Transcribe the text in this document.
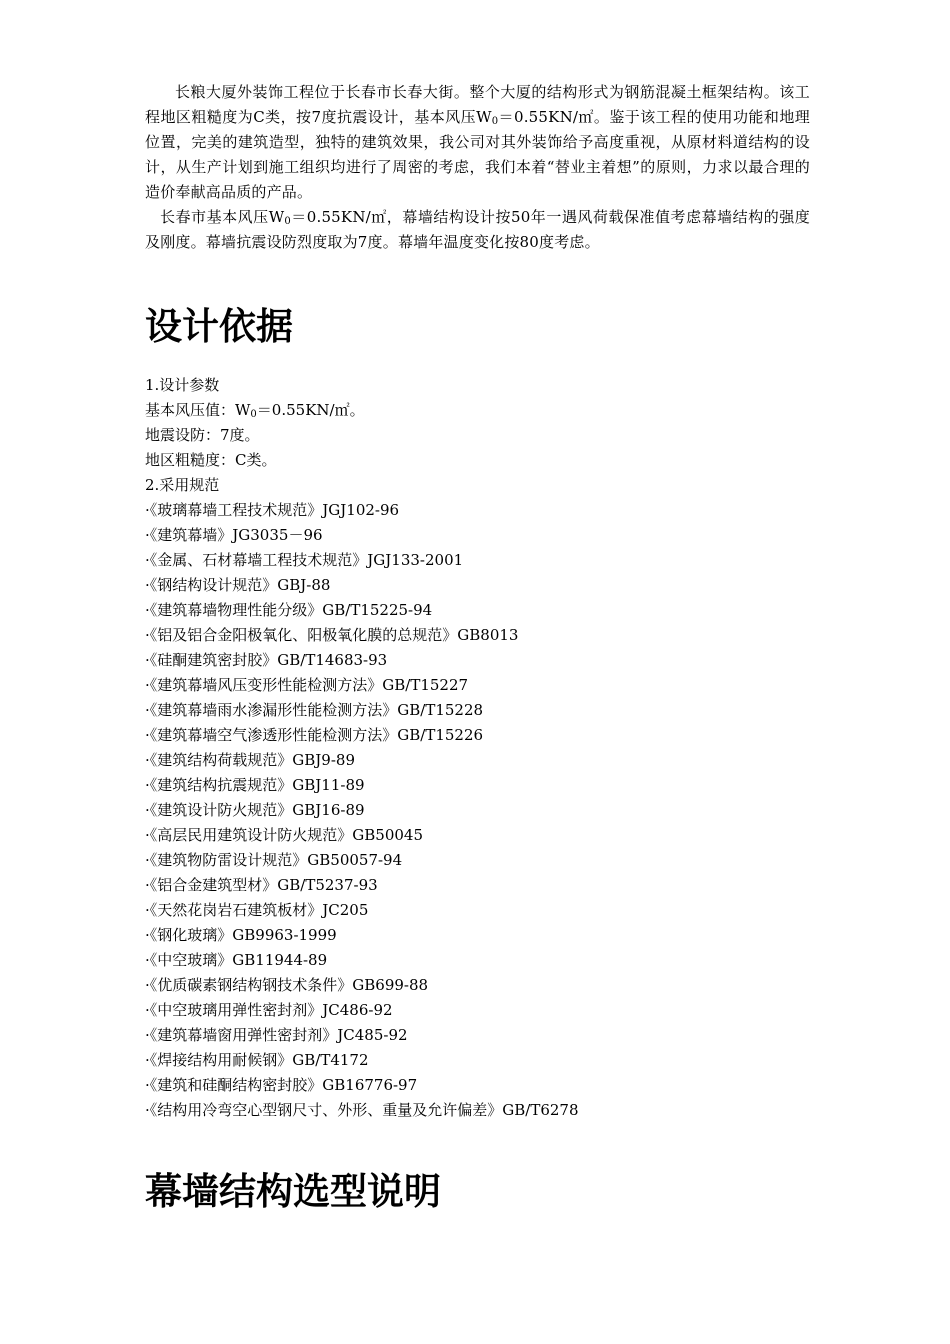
长粮大厦外装饰工程位于长春市长春大街。整个大厦的结构形式为钢筋混凝土框架结构。该工程地区粗糙度为C类，按7度抗震设计，基本风压$W_0=0.55KN/㎡$。鉴于该工程的使用功能和地理位置，完美的建筑造型，独特的建筑效果，我公司对其外装饰给予高度重视，从原材料道结构的设计，从生产计划到施工组织均进行了周密的考虑，我们本着“替业主着想”的原则，力求以最合理的造价奉献高品质的产品。

长春市基本风压$W_0=0.55KN/㎡$，幕墙结构设计按50年一遇风荷载保准值考虑幕墙结构的强度及刚度。幕墙抗震设防烈度取为7度。幕墙年温度变化按80度考虑。

设计依据
1.设计参数
基本风压值：$W_0=0.55KN/㎡$。
地震设防：7度。
地区粗糙度：C类。
2.采用规范
·《玻璃幕墙工程技术规范》JGJ102-96
·《建筑幕墙》JG3035－96
·《金属、石材幕墙工程技术规范》JGJ133-2001
·《钢结构设计规范》GBJ-88
·《建筑幕墙物理性能分级》GB/T15225-94
·《铝及铝合金阳极氧化、阳极氧化膜的总规范》GB8013
·《硅酮建筑密封胶》GB/T14683-93
·《建筑幕墙风压变形性能检测方法》GB/T15227
·《建筑幕墙雨水渗漏形性能检测方法》GB/T15228
·《建筑幕墙空气渗透形性能检测方法》GB/T15226
·《建筑结构荷载规范》GBJ9-89
·《建筑结构抗震规范》GBJ11-89
·《建筑设计防火规范》GBJ16-89
·《高层民用建筑设计防火规范》GB50045
·《建筑物防雷设计规范》GB50057-94
·《铝合金建筑型材》GB/T5237-93
·《天然花岗岩石建筑板材》JC205
·《钢化玻璃》GB9963-1999
·《中空玻璃》GB11944-89
·《优质碳素钢结构钢技术条件》GB699-88
·《中空玻璃用弹性密封剂》JC486-92
·《建筑幕墙窗用弹性密封剂》JC485-92
·《焊接结构用耐候钢》GB/T4172
·《建筑和硅酮结构密封胶》GB16776-97
·《结构用冷弯空心型钢尺寸、外形、重量及允许偏差》GB/T6278
幕墙结构选型说明
